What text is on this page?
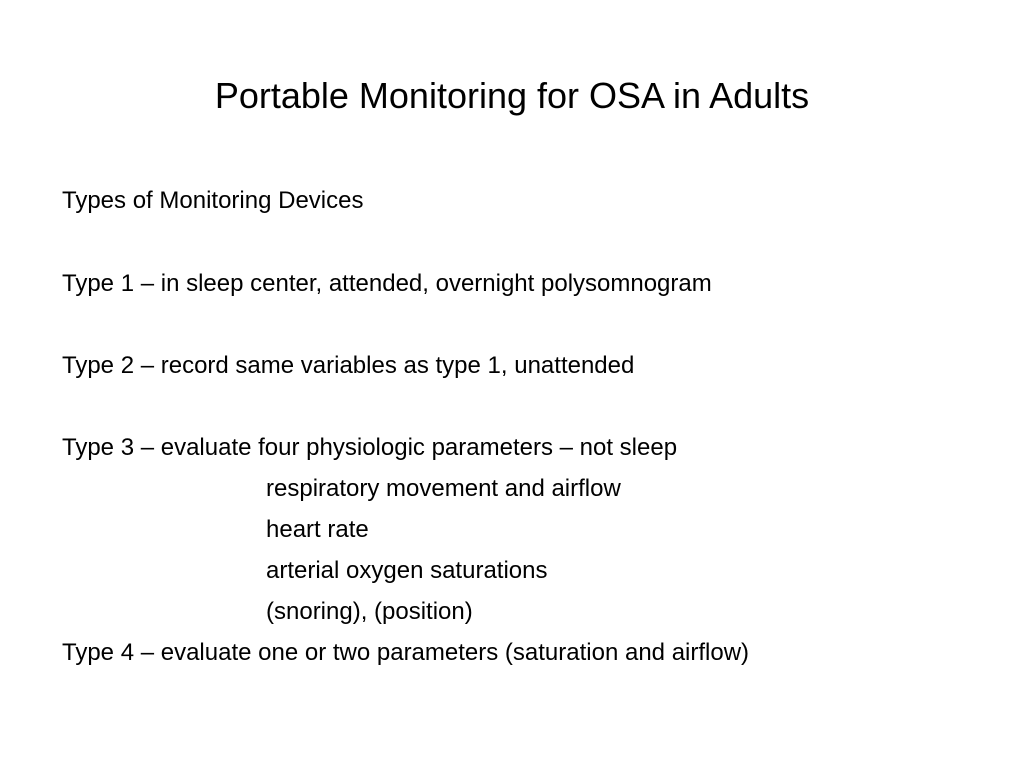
Portable Monitoring for OSA in Adults
Types of Monitoring Devices
Type 1 – in sleep center, attended, overnight polysomnogram
Type 2 – record same variables as type 1, unattended
Type 3 – evaluate four physiologic parameters – not sleep
respiratory movement and airflow
heart rate
arterial oxygen saturations
(snoring), (position)
Type 4 – evaluate one or two parameters (saturation and airflow)
